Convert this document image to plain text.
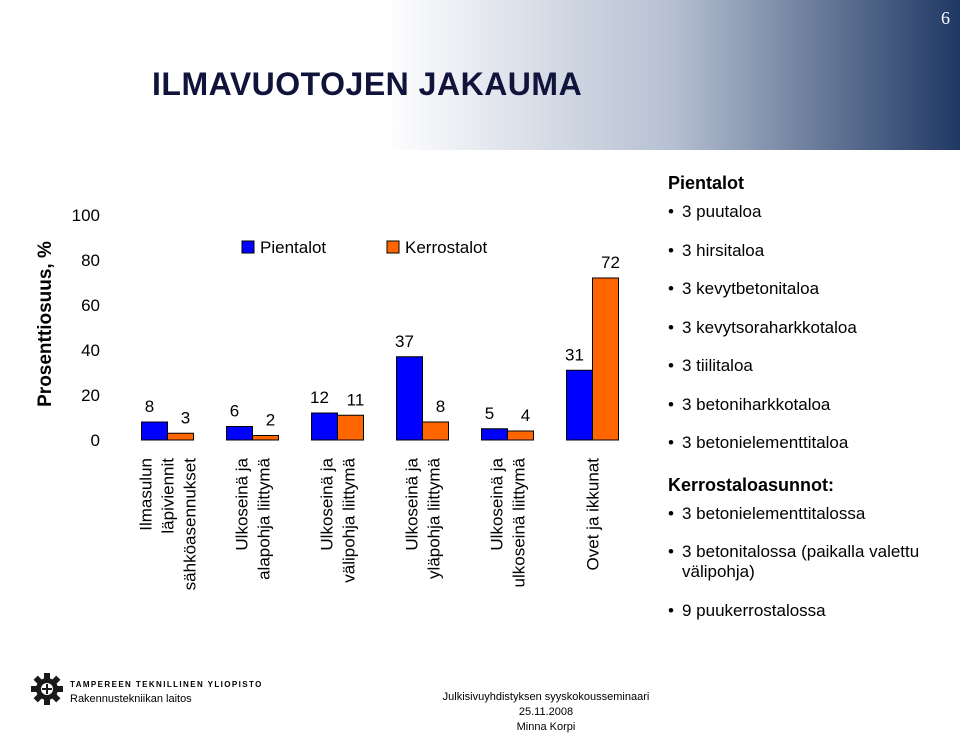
6
ILMAVUOTOJEN JAKAUMA
Prosenttiosuus, %
0
20
40
60
80
100
8	6
12
37
5
31
3	2
11	8	4
72
Ilmasulun läpiviennit sähköasennukset Ulkoseinä ja alapohja liittymä	Ulkoseinä ja välipohja liittymä	Ulkoseinä ja yläpohja liittymä	Ulkoseinä ja ulkoseinä liittymä	Ovet ja ikkunat
Pientalot	Kerrostalot

Pientalot

• 3 puutaloa
• 3 hirsitaloa
• 3 kevytbetonitaloa
• 3 kevytsoraharkkotaloa
• 3 tiilitaloa
• 3 betoniharkkotaloa
• 3 betonielementtitaloa

Kerrostaloasunnot:

• 3 betonielementtitalossa
• 3 betonitalossa (paikalla valettu välipohja)
• 9 puukerrostalossa
TAMPEREEN TEKNILLINEN YLIOPISTO
Rakennustekniikan laitos	Julkisivuyhdistyksen syyskokousseminaari 25.11.2008
Minna Korpi
